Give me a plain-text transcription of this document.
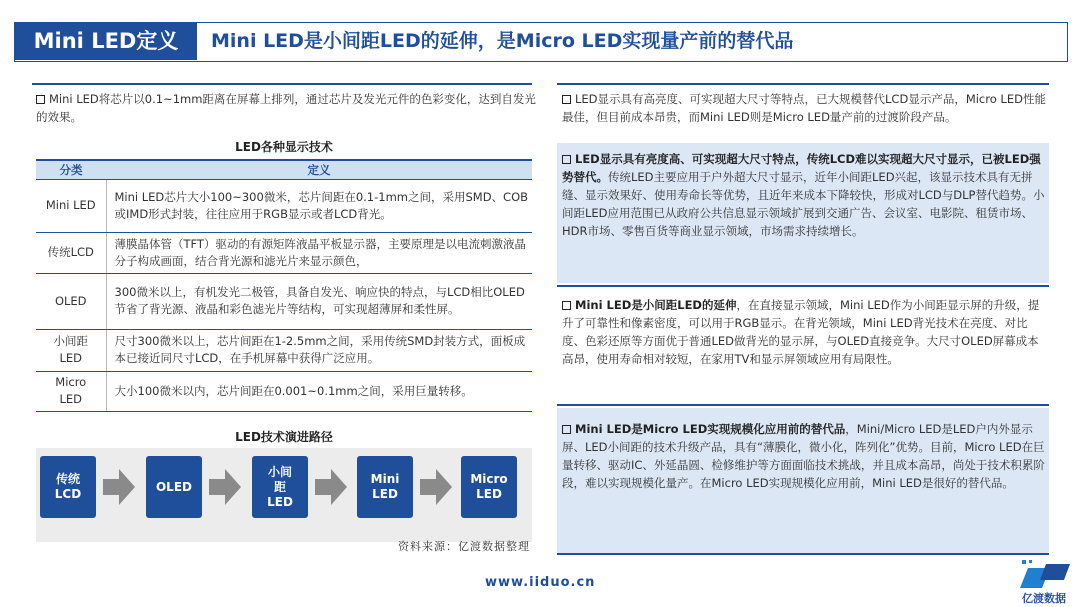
Mini LED定义	Mini LED是小间距LED的延伸，是Micro LED实现量产前的替代品
Mini LED将芯片以0.1~1mm距离在屏幕上排列，通过芯片及发光元件的色彩变化，达到自发光的效果。
LED各种显示技术
分类	定义
Mini LED	Mini LED芯片大小100~300微米，芯片间距在0.1-1mm之间，采用SMD、COB或IMD形式封装，往往应用于RGB显示或者LCD背光。
传统LCD	薄膜晶体管（TFT）驱动的有源矩阵液晶平板显示器，主要原理是以电流刺激液晶分子构成画面，结合背光源和滤光片来显示颜色，
OLED	300微米以上，有机发光二极管，具备自发光、响应快的特点，与LCD相比OLED节省了背光源、液晶和彩色滤光片等结构，可实现超薄屏和柔性屏。
小间距LED	尺寸300微米以上，芯片间距在1-2.5mm之间，采用传统SMD封装方式，面板成本已接近同尺寸LCD，在手机屏幕中获得广泛应用。
Micro LED	大小100微米以内，芯片间距在0.001~0.1mm之间，采用巨量转移。
LED技术演进路径
传统
LCD
OLED
小间
距
LED
Mini
LED
Micro
LED
资料来源：亿渡数据整理
LED显示具有高亮度、可实现超大尺寸等特点，已大规模替代LCD显示产品，Micro LED性能最佳，但目前成本昂贵，而Mini LED则是Micro LED量产前的过渡阶段产品。
LED显示具有亮度高、可实现超大尺寸特点，传统LCD难以实现超大尺寸显示，已被LED强势替代。传统LED主要应用于户外超大尺寸显示，近年小间距LED兴起，该显示技术具有无拼缝、显示效果好、使用寿命长等优势，且近年来成本下降较快，形成对LCD与DLP替代趋势。小间距LED应用范围已从政府公共信息显示领域扩展到交通广告、会议室、电影院、租赁市场、HDR市场、零售百货等商业显示领域，市场需求持续增长。
Mini LED是小间距LED的延伸，在直接显示领域，Mini LED作为小间距显示屏的升级，提升了可靠性和像素密度，可以用于RGB显示。在背光领域，Mini LED背光技术在亮度、对比度、色彩还原等方面优于普通LED做背光的显示屏，与OLED直接竞争。大尺寸OLED屏幕成本高昂，使用寿命相对较短，在家用TV和显示屏领域应用有局限性。
Mini LED是Micro LED实现规模化应用前的替代品，Mini/Micro LED是LED户内外显示屏、LED小间距的技术升级产品，具有“薄膜化，微小化，阵列化”优势。目前，Micro LED在巨量转移、驱动IC、外延晶圆、检修维护等方面面临技术挑战，并且成本高昂，尚处于技术积累阶段，难以实现规模化量产。在Micro LED实现规模化应用前，Mini LED是很好的替代品。
www.iiduo.cn
亿渡数据
